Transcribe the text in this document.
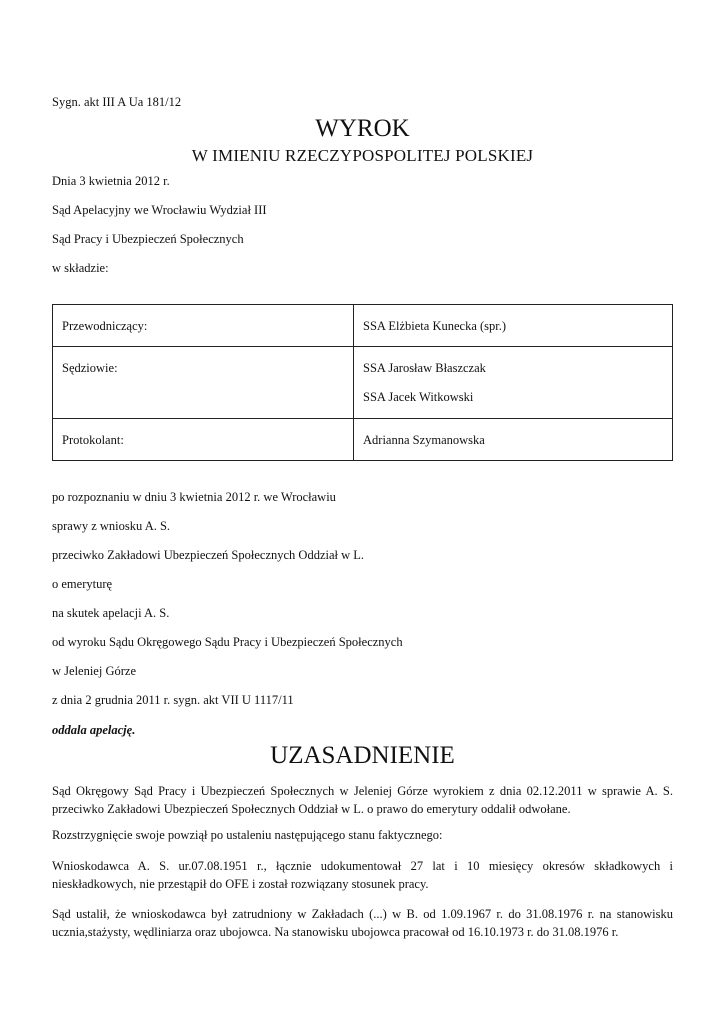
Sygn. akt III A Ua 181/12
WYROK
W IMIENIU RZECZYPOSPOLITEJ POLSKIEJ
Dnia 3 kwietnia 2012 r.
Sąd Apelacyjny we Wrocławiu Wydział III
Sąd Pracy i Ubezpieczeń Społecznych
w składzie:
Przewodniczący:	SSA Elżbieta Kunecka (spr.)
Sędziowie:	SSA Jarosław Błaszczak
SSA Jacek Witkowski

Protokolant:	Adrianna Szymanowska
po rozpoznaniu w dniu 3 kwietnia 2012 r. we Wrocławiu
sprawy z wniosku A. S.
przeciwko Zakładowi Ubezpieczeń Społecznych Oddział w L.
o emeryturę
na skutek apelacji A. S.
od wyroku Sądu Okręgowego Sądu Pracy i Ubezpieczeń Społecznych
w Jeleniej Górze
z dnia 2 grudnia 2011 r. sygn. akt VII U 1117/11
oddala apelację.
UZASADNIENIE
Sąd Okręgowy Sąd Pracy i Ubezpieczeń Społecznych w Jeleniej Górze wyrokiem z dnia 02.12.2011 w sprawie A. S. przeciwko Zakładowi Ubezpieczeń Społecznych Oddział w L. o prawo do emerytury oddalił odwołane.
Rozstrzygnięcie swoje powziął po ustaleniu następującego stanu faktycznego:
Wnioskodawca A. S. ur.07.08.1951 r., łącznie udokumentował 27 lat i 10 miesięcy okresów składkowych i nieskładkowych, nie przestąpił do OFE i został rozwiązany stosunek pracy.
Sąd ustalił, że wnioskodawca był zatrudniony w Zakładach (...) w B. od 1.09.1967 r. do 31.08.1976 r. na stanowisku ucznia,stażysty, wędliniarza oraz ubojowca. Na stanowisku ubojowca pracował od 16.10.1973 r. do 31.08.1976 r.
